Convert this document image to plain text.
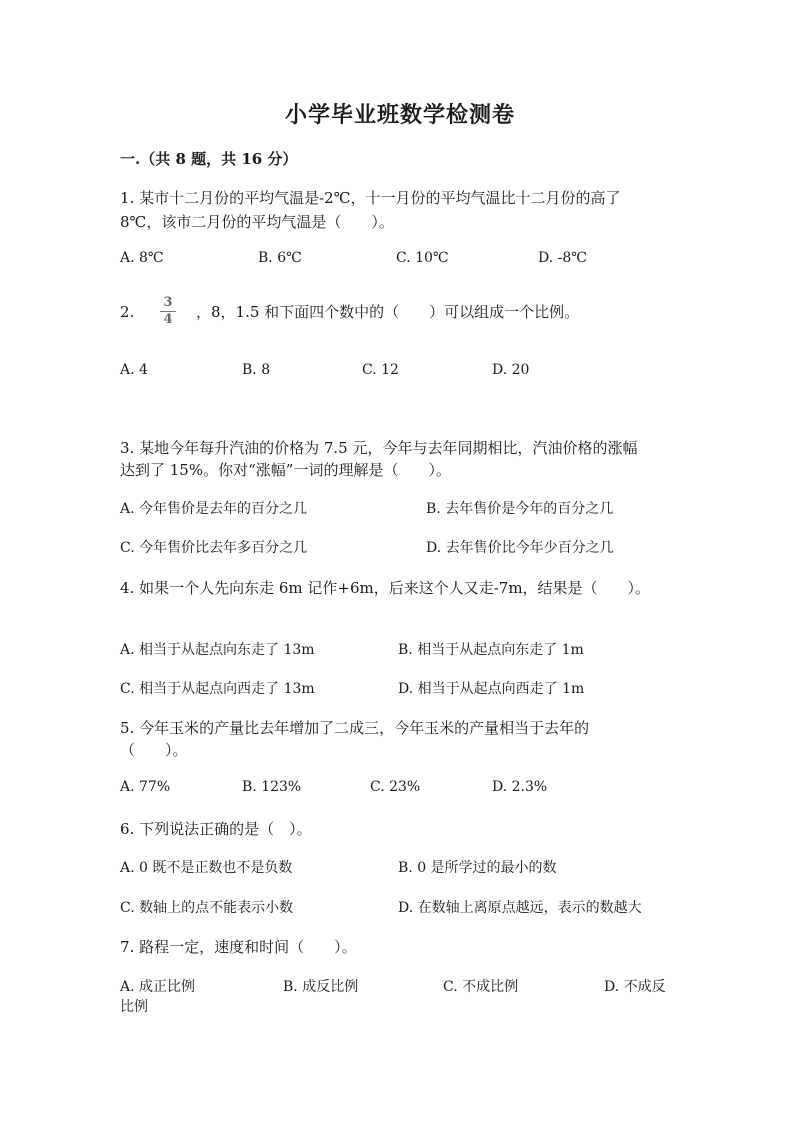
小学毕业班数学检测卷
一.（共 8 题，共 16 分）
1. 某市十二月份的平均气温是-2℃，十一月份的平均气温比十二月份的高了
8℃，该市二月份的平均气温是（　　）。
A. 8℃	B. 6℃	C. 10℃	D. -8℃
2.
3
4 ，8，1.5 和下面四个数中的（　　）可以组成一个比例。
A. 4	B. 8	C. 12	D. 20
3. 某地今年每升汽油的价格为 7.5 元，今年与去年同期相比，汽油价格的涨幅
达到了 15%。你对“涨幅”一词的理解是（　　）。
A. 今年售价是去年的百分之几	B. 去年售价是今年的百分之几
C. 今年售价比去年多百分之几	D. 去年售价比今年少百分之几
4. 如果一个人先向东走 6m 记作+6m，后来这个人又走-7m，结果是（　　）。
A. 相当于从起点向东走了 13m	B. 相当于从起点向东走了 1m
C. 相当于从起点向西走了 13m	D. 相当于从起点向西走了 1m
5. 今年玉米的产量比去年增加了二成三，今年玉米的产量相当于去年的
（　　）。
A. 77%	B. 123%	C. 23%	D. 2.3%
6. 下列说法正确的是（　）。
A. 0 既不是正数也不是负数	B. 0 是所学过的最小的数
C. 数轴上的点不能表示小数	D. 在数轴上离原点越远，表示的数越大
7. 路程一定，速度和时间（　　）。
A. 成正比例	B. 成反比例	C. 不成比例	D. 不成反
比例
